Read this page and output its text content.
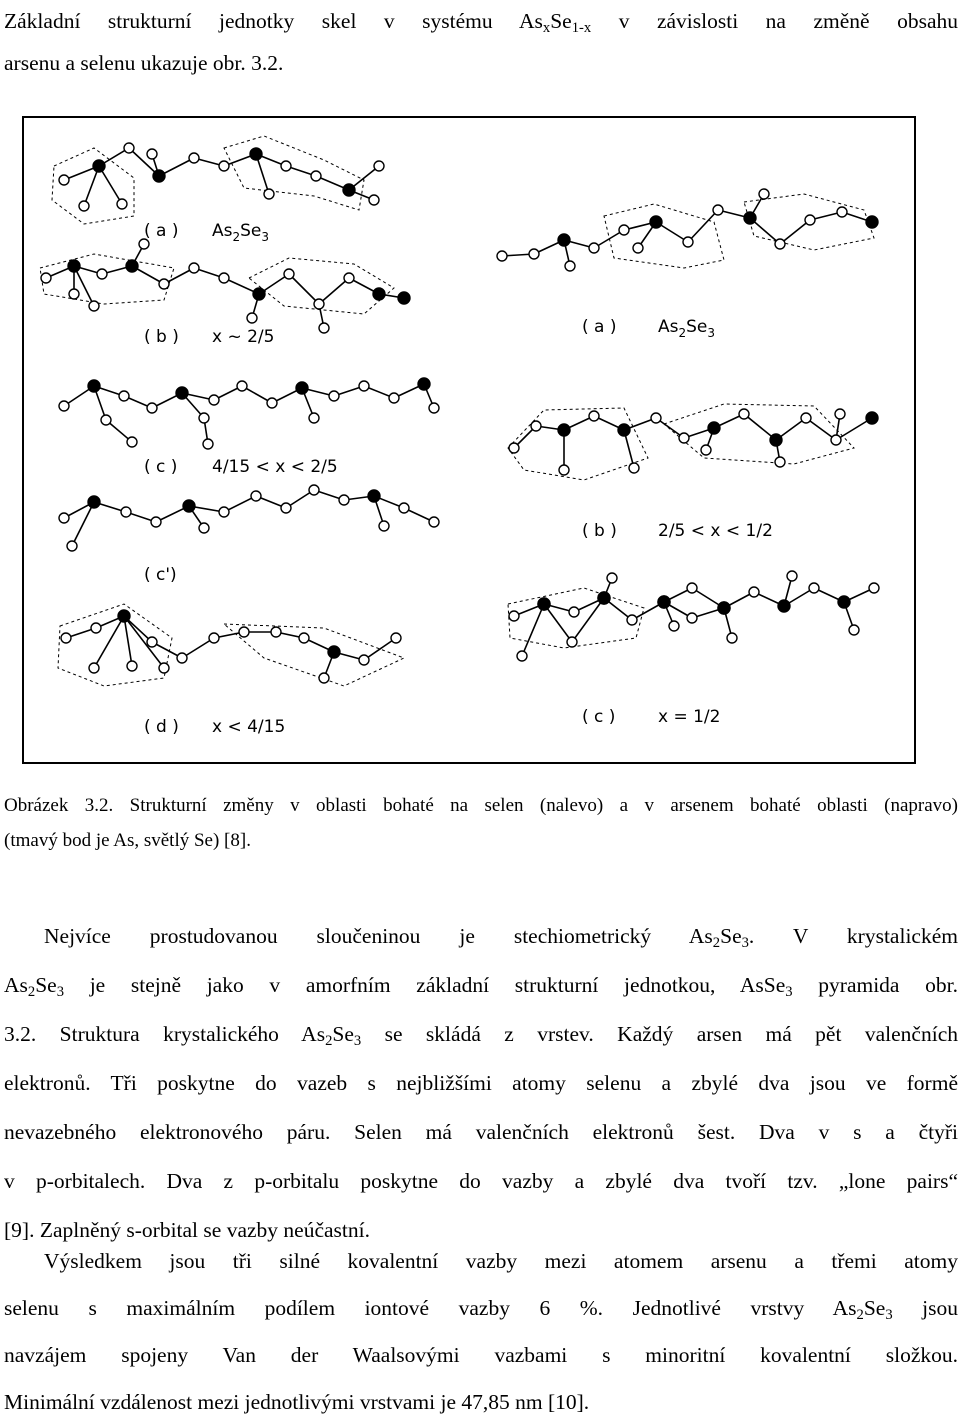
Základní strukturní jednotky skel v systému $As_xSe_{1-x}$ v závislosti na změně obsahu
arsenu a selenu ukazuje obr. 3.2.

( a ) $As_2Se_3$
( b ) x ~ 2/5
( c ) 4/15 < x < 2/5
( c')
( d ) x < 4/15
( a ) $As_2Se_3$
( b ) 2/5 < x < 1/2
( c )	x = 1/2

Obrázek 3.2. Strukturní změny v oblasti bohaté na selen (nalevo) a v arsenem bohaté oblasti (napravo)
(tmavý bod je As, světlý Se) [8].

Nejvíce prostudovanou sloučeninou je stechiometrický $As_2Se_3$. V krystalickém
$As_2Se_3$ je stejně jako v amorfním základní strukturní jednotkou, AsSe$_3$ pyramida obr.
3.2. Struktura krystalického $As_2Se_3$ se skládá z vrstev. Každý arsen má pět valenčních
elektronů. Tři poskytne do vazeb s nejbližšími atomy selenu a zbylé dva jsou ve formě
nevazebného elektronového páru. Selen má valenčních elektronů šest. Dva v s a čtyři
v p-orbitalech. Dva z p-orbitalu poskytne do vazby a zbylé dva tvoří tzv. „lone pairs“
[9]. Zaplněný s-orbital se vazby neúčastní.

Výsledkem jsou tři silné kovalentní vazby mezi atomem arsenu a třemi atomy
selenu s maximálním podílem iontové vazby 6 %. Jednotlivé vrstvy $As_2Se_3$ jsou
navzájem spojeny Van der Waalsovými vazbami s minoritní kovalentní složkou.
Minimální vzdálenost mezi jednotlivými vrstvami je 47,85 nm [10].
